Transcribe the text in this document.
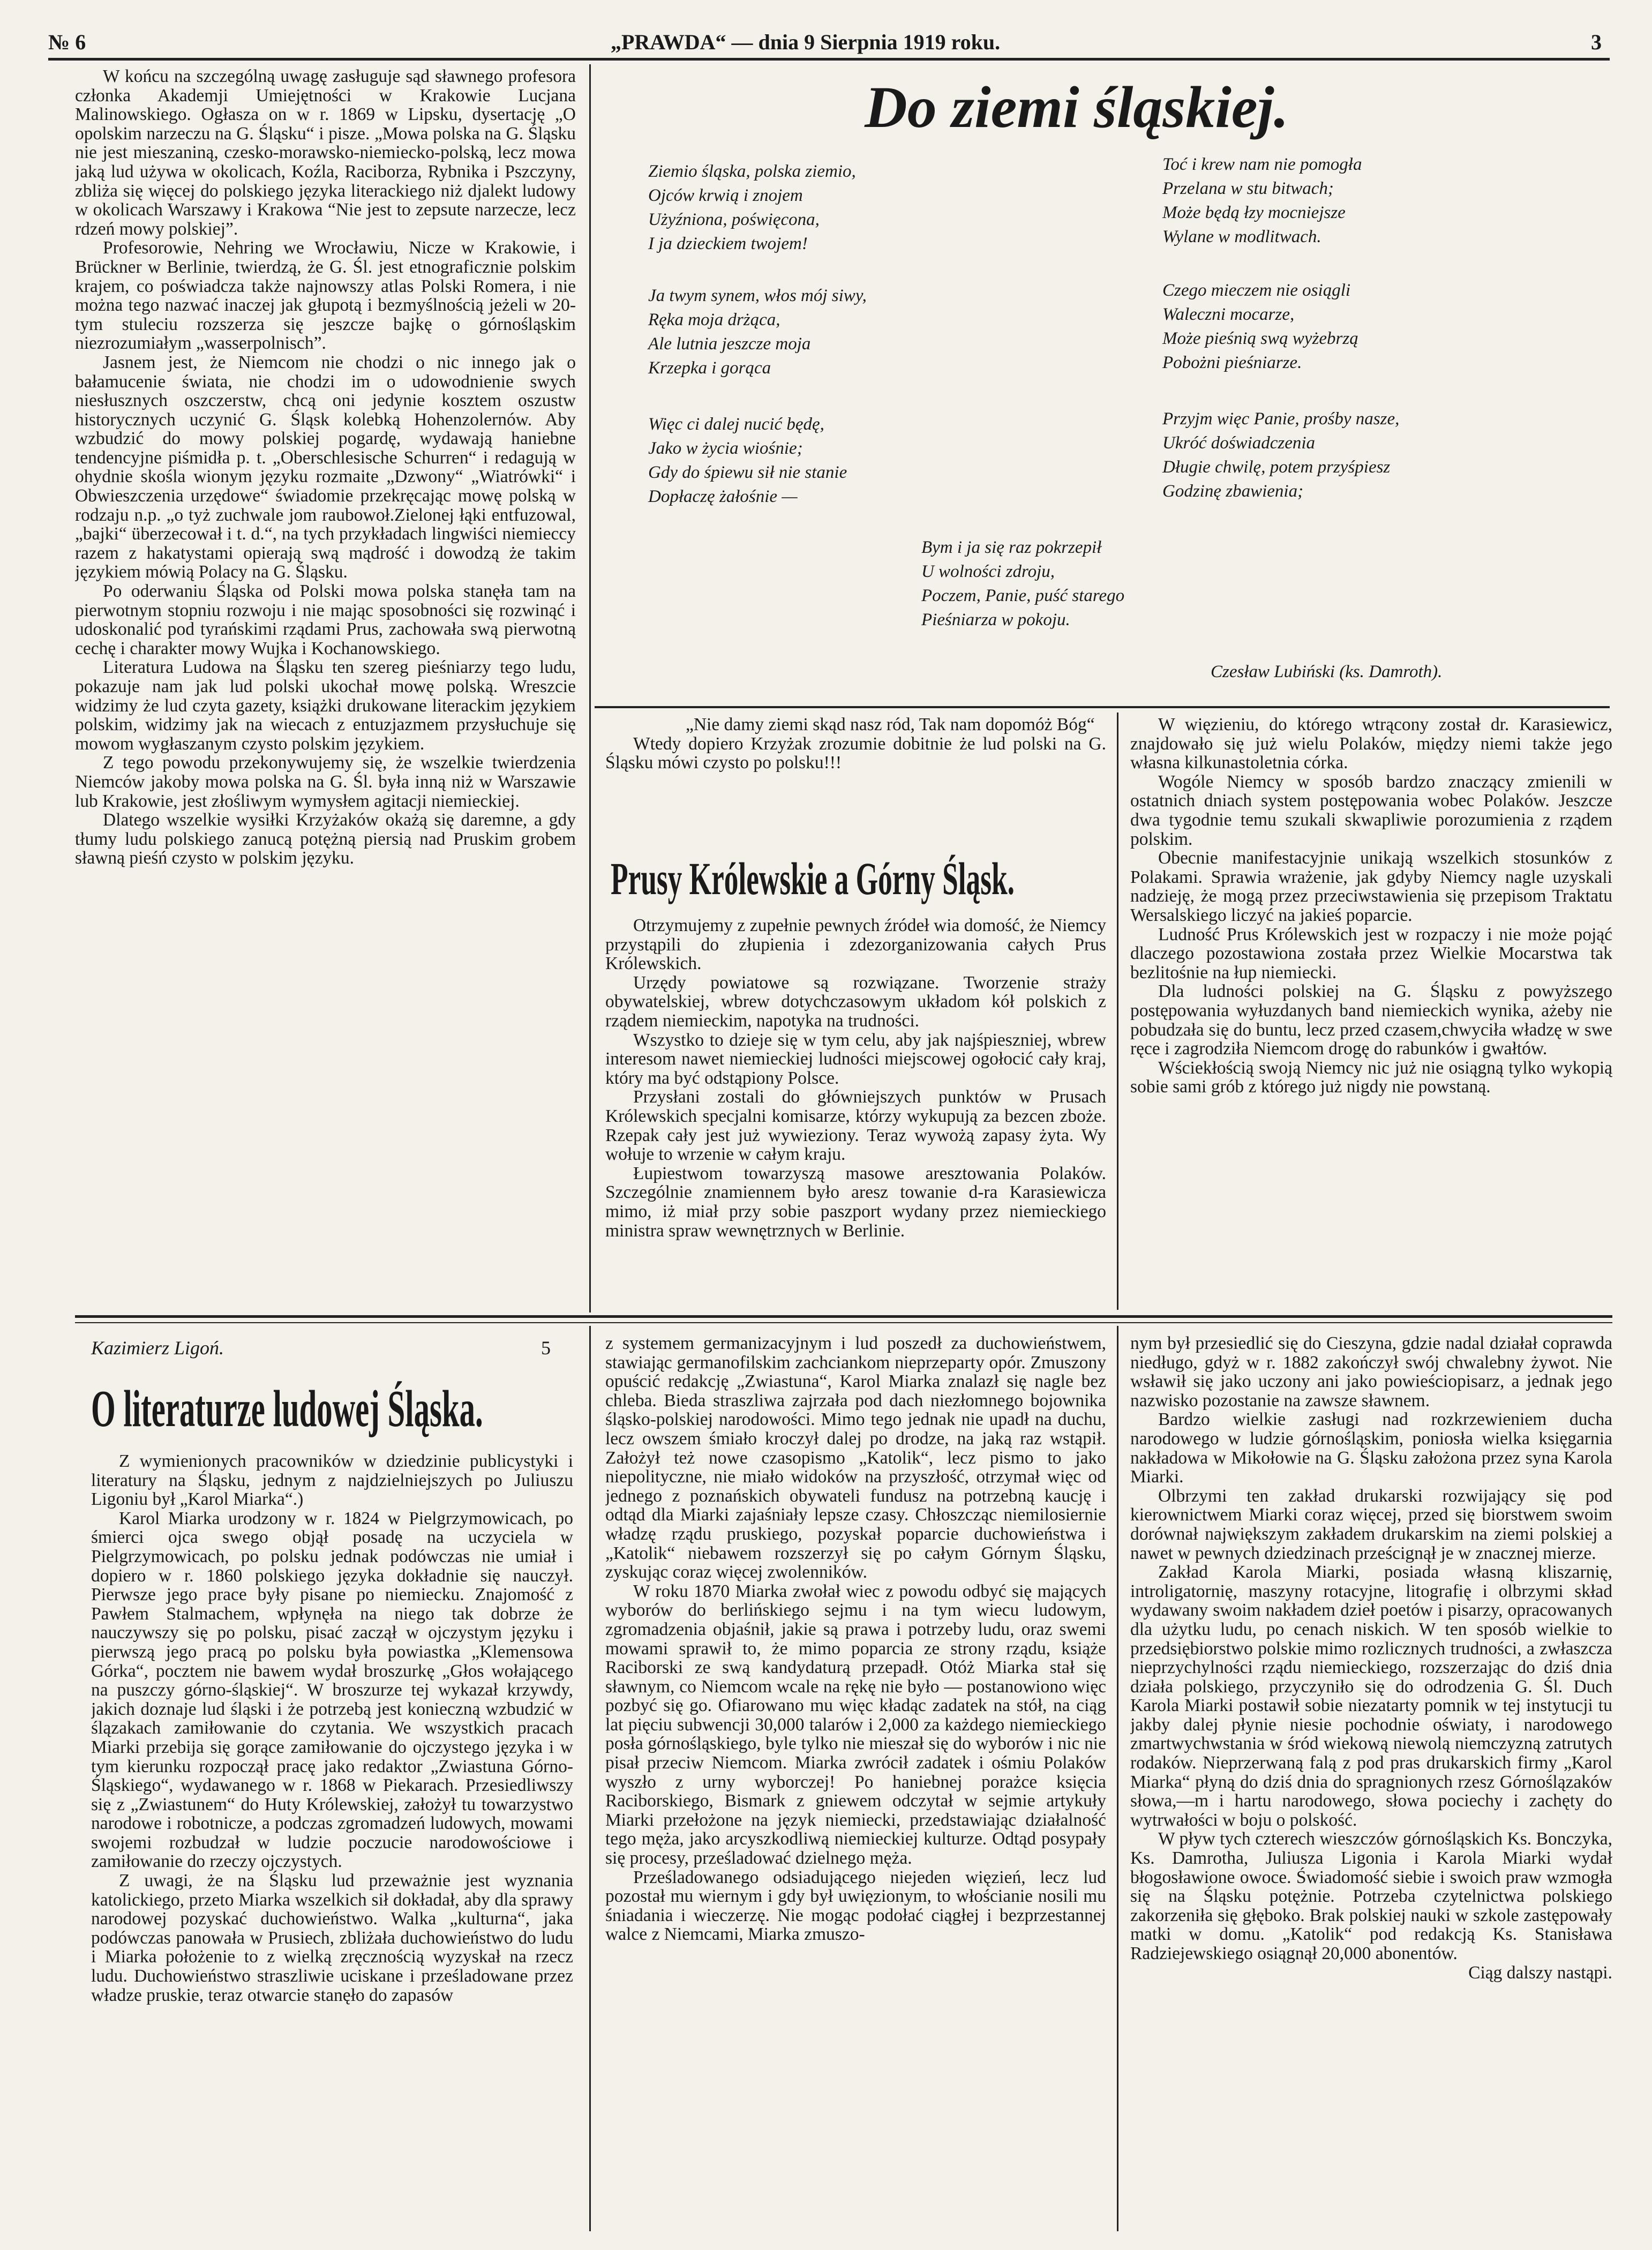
№ 6	„PRAWDA“ — dnia 9 Sierpnia 1919 roku.	3

W końcu na szczególną uwagę zasługuje sąd sławnego profesora członka Akademji Umiejętności w Krakowie Lucjana Malinowskiego. Ogłasza on w r. 1869 w Lipsku, dysertację „O opolskim narzeczu na G. Śląsku“ i pisze. „Mowa polska na G. Śląsku nie jest mieszaniną, czesko-morawsko-niemiecko-polską, lecz mowa jaką lud używa w okolicach, Koźla, Raciborza, Rybnika i Pszczyny, zbliża się więcej do polskiego języka literackiego niż djalekt ludowy w okolicach Warszawy i Krakowa “Nie jest to zepsute narzecze, lecz rdzeń mowy polskiej”.

Profesorowie, Nehring we Wrocławiu, Nicze w Krakowie, i Brückner w Berlinie, twierdzą, że G. Śl. jest etnograficznie polskim krajem, co poświadcza także najnowszy atlas Polski Romera, i nie można tego nazwać inaczej jak głupotą i bezmyślnością jeżeli w 20-tym stuleciu rozszerza się jeszcze bajkę o górnośląskim niezrozumiałym „wasserpolnisch”.

Jasnem jest, że Niemcom nie chodzi o nic innego jak o bałamucenie świata, nie chodzi im o udowodnienie swych niesłusznych oszczerstw, chcą oni jedynie kosztem oszustw historycznych uczynić G. Śląsk kolebką Hohenzolernów. Aby wzbudzić do mowy polskiej pogardę, wydawają haniebne tendencyjne piśmidła p. t. „Oberschlesische Schurren“ i redagują w ohydnie skośla wionym języku rozmaite „Dzwony“ „Wiatrówki“ i Obwieszczenia urzędowe“ świadomie przekręcając mowę polską w rodzaju n.p. „o tyż zuchwale jom raubowoł.Zielonej łąki entfuzowal, „bajki“ überzecował i t. d.“, na tych przykładach lingwiści niemieccy razem z hakatystami opierają swą mądrość i dowodzą że takim językiem mówią Polacy na G. Śląsku.

Po oderwaniu Śląska od Polski mowa polska stanęła tam na pierwotnym stopniu rozwoju i nie mając sposobności się rozwinąć i udoskonalić pod tyrańskimi rządami Prus, zachowała swą pierwotną cechę i charakter mowy Wujka i Kochanowskiego.

Literatura Ludowa na Śląsku ten szereg pieśniarzy tego ludu, pokazuje nam jak lud polski ukochał mowę polską. Wreszcie widzimy że lud czyta gazety, książki drukowane literackim językiem polskim, widzimy jak na wiecach z entuzjazmem przysłuchuje się mowom wygłaszanym czysto polskim językiem.

Z tego powodu przekonywujemy się, że wszelkie twierdzenia Niemców jakoby mowa polska na G. Śl. była inną niż w Warszawie lub Krakowie, jest złośliwym wymysłem agitacji niemieckiej.

Dlatego wszelkie wysiłki Krzyżaków okażą się daremne, a gdy tłumy ludu polskiego zanucą potężną piersią nad Pruskim grobem sławną pieśń czysto w polskim języku.

Do ziemi śląskiej.
Ziemio śląska, polska ziemio,
Ojców krwią i znojem
Użyźniona, poświęcona,
I ja dzieckiem twojem!
Ja twym synem, włos mój siwy,
Ręka moja drżąca,
Ale lutnia jeszcze moja
Krzepka i gorąca
Więc ci dalej nucić będę,
Jako w życia wiośnie;
Gdy do śpiewu sił nie stanie
Dopłaczę żałośnie —
Toć i krew nam nie pomogła
Przelana w stu bitwach;
Może będą łzy mocniejsze
Wylane w modlitwach.
Czego mieczem nie osiągli
Waleczni mocarze,
Może pieśnią swą wyżebrzą
Pobożni pieśniarze.
Przyjm więc Panie, prośby nasze,
Ukróć doświadczenia
Długie chwilę, potem przyśpiesz
Godzinę zbawienia;
Bym i ja się raz pokrzepił
U wolności zdroju,
Poczem, Panie, puść starego
Pieśniarza w pokoju.
Czesław Lubiński (ks. Damroth).

„Nie damy ziemi skąd nasz ród, Tak nam dopomóż Bóg“

Wtedy dopiero Krzyżak zrozumie dobitnie że lud polski na G. Śląsku mówi czysto po polsku!!!

Prusy Królewskie a Górny Śląsk.

Otrzymujemy z zupełnie pewnych źródeł wia domość, że Niemcy przystąpili do złupienia i zdezorganizowania całych Prus Królewskich.

Urzędy powiatowe są rozwiązane. Tworzenie straży obywatelskiej, wbrew dotychczasowym układom kół polskich z rządem niemieckim, napotyka na trudności.

Wszystko to dzieje się w tym celu, aby jak najśpieszniej, wbrew interesom nawet niemieckiej ludności miejscowej ogołocić cały kraj, który ma być odstąpiony Polsce.

Przysłani zostali do główniejszych punktów w Prusach Królewskich specjalni komisarze, którzy wykupują za bezcen zboże. Rzepak cały jest już wywieziony. Teraz wywożą zapasy żyta. Wy wołuje to wrzenie w całym kraju.

Łupiestwom towarzyszą masowe aresztowania Polaków. Szczególnie znamiennem było aresz towanie d-ra Karasiewicza mimo, iż miał przy sobie paszport wydany przez niemieckiego ministra spraw wewnętrznych w Berlinie.

W więzieniu, do którego wtrącony został dr. Karasiewicz, znajdowało się już wielu Polaków, między niemi także jego własna kilkunastoletnia córka.

Wogóle Niemcy w sposób bardzo znaczący zmienili w ostatnich dniach system postępowania wobec Polaków. Jeszcze dwa tygodnie temu szukali skwapliwie porozumienia z rządem polskim.

Obecnie manifestacyjnie unikają wszelkich stosunków z Polakami. Sprawia wrażenie, jak gdyby Niemcy nagle uzyskali nadzieję, że mogą przez przeciwstawienia się przepisom Traktatu Wersalskiego liczyć na jakieś poparcie.

Ludność Prus Królewskich jest w rozpaczy i nie może pojąć dlaczego pozostawiona została przez Wielkie Mocarstwa tak bezlitośnie na łup niemiecki.

Dla ludności polskiej na G. Śląsku z powyższego postępowania wyłuzdanych band niemieckich wynika, ażeby nie pobudzała się do buntu, lecz przed czasem,chwyciła władzę w swe ręce i zagrodziła Niemcom drogę do rabunków i gwałtów.

Wściekłością swoją Niemcy nic już nie osiągną tylko wykopią sobie sami grób z którego już nigdy nie powstaną.

Kazimierz Ligoń.	5
O literaturze ludowej Śląska.

Z wymienionych pracowników w dziedzinie publicystyki i literatury na Śląsku, jednym z najdzielniejszych po Juliuszu Ligoniu był „Karol Miarka“.)

Karol Miarka urodzony w r. 1824 w Pielgrzymowicach, po śmierci ojca swego objął posadę na uczyciela w Pielgrzymowicach, po polsku jednak podówczas nie umiał i dopiero w r. 1860 polskiego języka dokładnie się nauczył. Pierwsze jego prace były pisane po niemiecku. Znajomość z Pawłem Stalmachem, wpłynęła na niego tak dobrze że nauczywszy się po polsku, pisać zaczął w ojczystym języku i pierwszą jego pracą po polsku była powiastka „Klemensowa Górka“, pocztem nie bawem wydał broszurkę „Głos wołającego na puszczy górno-śląskiej“. W broszurze tej wykazał krzywdy, jakich doznaje lud śląski i że potrzebą jest konieczną wzbudzić w ślązakach zamiłowanie do czytania. We wszystkich pracach Miarki przebija się gorące zamiłowanie do ojczystego języka i w tym kierunku rozpoczął pracę jako redaktor „Zwiastuna Górno-Śląskiego“, wydawanego w r. 1868 w Piekarach. Przesiedliwszy się z „Zwiastunem“ do Huty Królewskiej, założył tu towarzystwo narodowe i robotnicze, a podczas zgromadzeń ludowych, mowami swojemi rozbudzał w ludzie poczucie narodowościowe i zamiłowanie do rzeczy ojczystych.

Z uwagi, że na Śląsku lud przeważnie jest wyznania katolickiego, przeto Miarka wszelkich sił dokładał, aby dla sprawy narodowej pozyskać duchowieństwo. Walka „kulturna“, jaka podówczas panowała w Prusiech, zbliżała duchowieństwo do ludu i Miarka położenie to z wielką zręcznością wyzyskał na rzecz ludu. Duchowieństwo straszliwie uciskane i prześladowane przez władze pruskie, teraz otwarcie stanęło do zapasów

z systemem germanizacyjnym i lud poszedł za duchowieństwem, stawiając germanofilskim zachciankom nieprzeparty opór. Zmuszony opuścić redakcję „Zwiastuna“, Karol Miarka znalazł się nagle bez chleba. Bieda straszliwa zajrzała pod dach niezłomnego bojownika śląsko-polskiej narodowości. Mimo tego jednak nie upadł na duchu, lecz owszem śmiało kroczył dalej po drodze, na jaką raz wstąpił. Założył też nowe czasopismo „Katolik“, lecz pismo to jako niepolityczne, nie miało widoków na przyszłość, otrzymał więc od jednego z poznańskich obywateli fundusz na potrzebną kaucję i odtąd dla Miarki zajaśniały lepsze czasy. Chłoszcząc niemilosiernie władzę rządu pruskiego, pozyskał poparcie duchowieństwa i „Katolik“ niebawem rozszerzył się po całym Górnym Śląsku, zyskując coraz więcej zwolenników.

W roku 1870 Miarka zwołał wiec z powodu odbyć się mających wyborów do berlińskiego sejmu i na tym wiecu ludowym, zgromadzenia objaśnił, jakie są prawa i potrzeby ludu, oraz swemi mowami sprawił to, że mimo poparcia ze strony rządu, książe Raciborski ze swą kandydaturą przepadł. Otóż Miarka stał się sławnym, co Niemcom wcale na rękę nie było — postanowiono więc pozbyć się go. Ofiarowano mu więc kładąc zadatek na stół, na ciąg lat pięciu subwencji 30,000 talarów i 2,000 za każdego niemieckiego posła górnośląskiego, byle tylko nie mieszał się do wyborów i nic nie pisał przeciw Niemcom. Miarka zwrócił zadatek i ośmiu Polaków wyszło z urny wyborczej! Po haniebnej porażce księcia Raciborskiego, Bismark z gniewem odczytał w sejmie artykuły Miarki przełożone na język niemiecki, przedstawiając działalność tego męża, jako arcyszkodliwą niemieckiej kulturze. Odtąd posypały się procesy, prześladować dzielnego męża.

Prześladowanego odsiadującego niejeden więzień, lecz lud pozostał mu wiernym i gdy był uwięzionym, to włościanie nosili mu śniadania i wieczerzę. Nie mogąc podołać ciągłej i bezprzestannej walce z Niemcami, Miarka zmuszo-

nym był przesiedlić się do Cieszyna, gdzie nadal działał coprawda niedługo, gdyż w r. 1882 zakończył swój chwalebny żywot. Nie wsławił się jako uczony ani jako powieściopisarz, a jednak jego nazwisko pozostanie na zawsze sławnem.

Bardzo wielkie zasługi nad rozkrzewieniem ducha narodowego w ludzie górnośląskim, poniosła wielka księgarnia nakładowa w Mikołowie na G. Śląsku założona przez syna Karola Miarki.

Olbrzymi ten zakład drukarski rozwijający się pod kierownictwem Miarki coraz więcej, przed się biorstwem swoim dorównał największym zakładem drukarskim na ziemi polskiej a nawet w pewnych dziedzinach prześcignął je w znacznej mierze.

Zakład Karola Miarki, posiada własną kliszarnię, introligatornię, maszyny rotacyjne, litografię i olbrzymi skład wydawany swoim nakładem dzieł poetów i pisarzy, opracowanych dla użytku ludu, po cenach niskich. W ten sposób wielkie to przedsiębiorstwo polskie mimo rozlicznych trudności, a zwłaszcza nieprzychylności rządu niemieckiego, rozszerzając do dziś dnia działa polskiego, przyczyniło się do odrodzenia G. Śl. Duch Karola Miarki postawił sobie niezatarty pomnik w tej instytucji tu jakby dalej płynie niesie pochodnie oświaty, i narodowego zmartwychwstania w śród wiekową niewolą niemczyzną zatrutych rodaków. Nieprzerwaną falą z pod pras drukarskich firmy „Karol Miarka“ płyną do dziś dnia do spragnionych rzesz Górnoślązaków słowa,—m i hartu narodowego, słowa pociechy i zachęty do wytrwałości w boju o polskość.

W pływ tych czterech wieszczów górnośląskich Ks. Bonczyka, Ks. Damrotha, Juliusza Ligonia i Karola Miarki wydał błogosławione owoce. Świadomość siebie i swoich praw wzmogła się na Śląsku potężnie. Potrzeba czytelnictwa polskiego zakorzeniła się głęboko. Brak polskiej nauki w szkole zastępowały matki w domu. „Katolik“ pod redakcją Ks. Stanisława Radziejewskiego osiągnął 20,000 abonentów.

Ciąg dalszy nastąpi.
